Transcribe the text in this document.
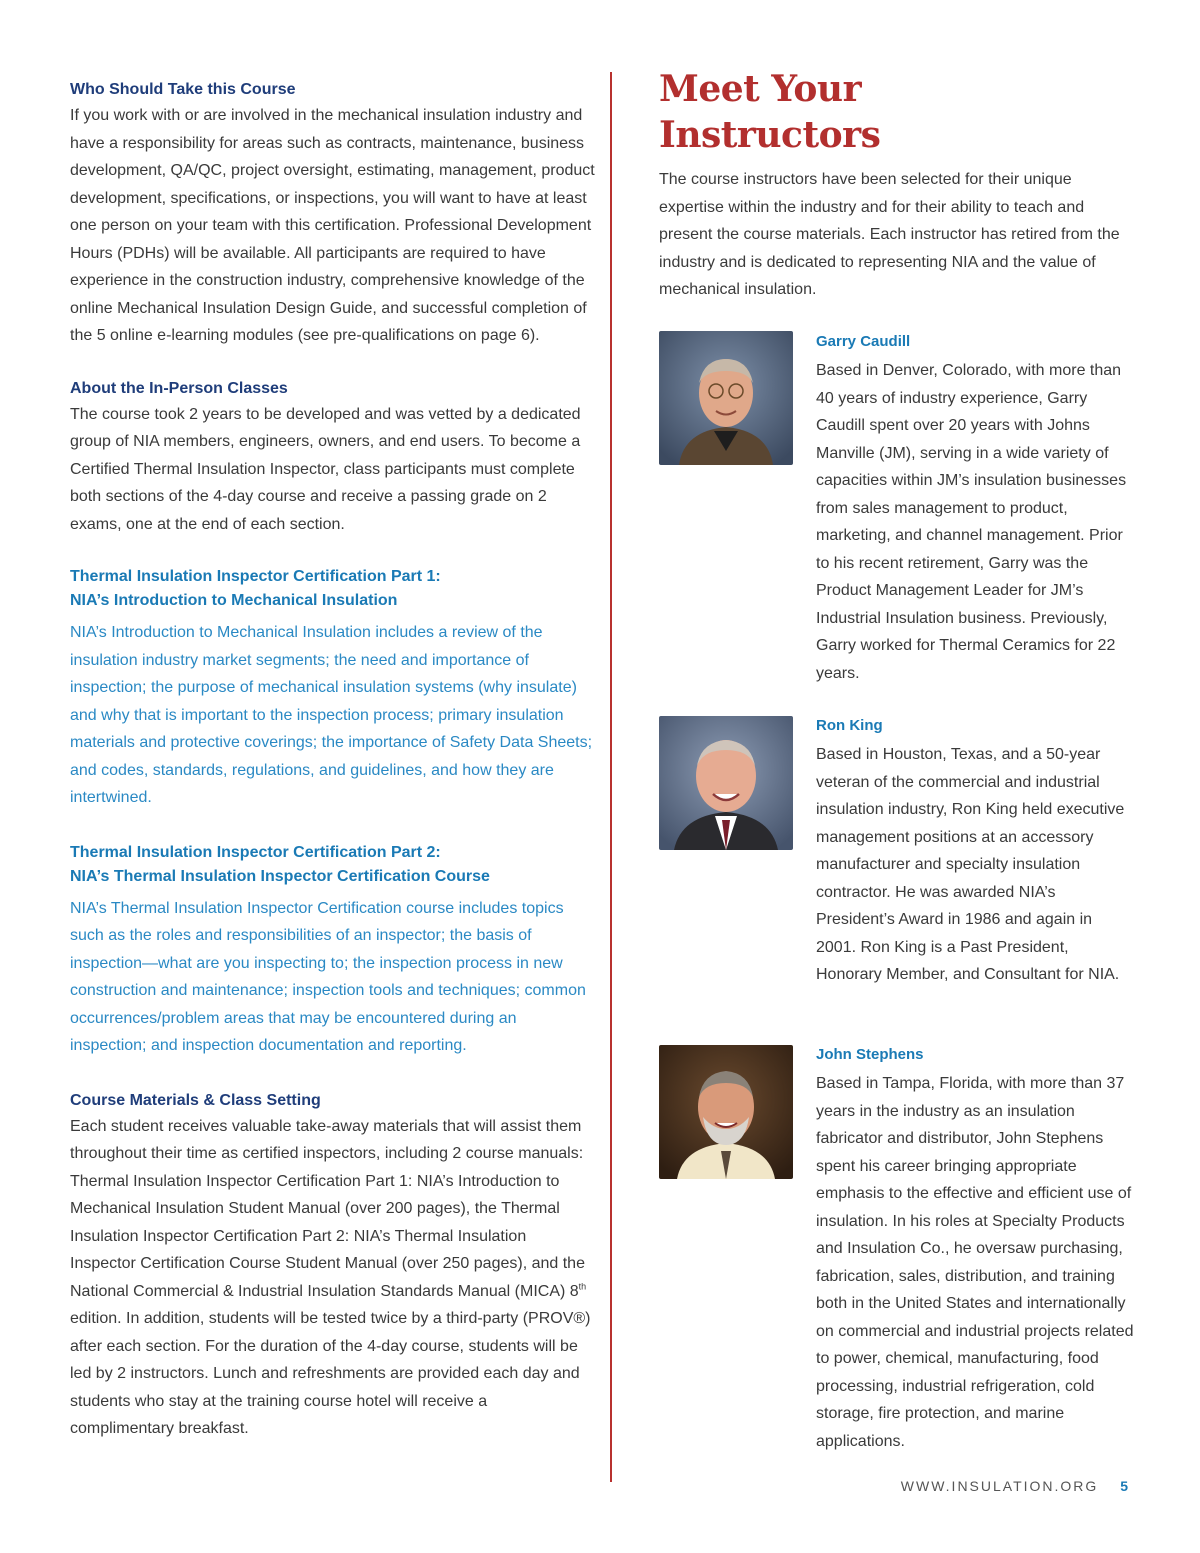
Who Should Take this Course

If you work with or are involved in the mechanical insulation industry and have a responsibility for areas such as contracts, maintenance, business development, QA/QC, project oversight, estimating, management, product development, specifications, or inspections, you will want to have at least one person on your team with this certification. Professional Development Hours (PDHs) will be available. All participants are required to have experience in the construction industry, comprehensive knowledge of the online Mechanical Insulation Design Guide, and successful completion of the 5 online e-learning modules (see pre-qualifications on page 6).

About the In-Person Classes

The course took 2 years to be developed and was vetted by a dedicated group of NIA members, engineers, owners, and end users. To become a Certified Thermal Insulation Inspector, class participants must complete both sections of the 4-day course and receive a passing grade on 2 exams, one at the end of each section.

Thermal Insulation Inspector Certification Part 1:
NIA’s Introduction to Mechanical Insulation

NIA’s Introduction to Mechanical Insulation includes a review of the insulation industry market segments; the need and importance of inspection; the purpose of mechanical insulation systems (why insulate) and why that is important to the inspection process; primary insulation materials and protective coverings; the importance of Safety Data Sheets; and codes, standards, regulations, and guidelines, and how they are intertwined.

Thermal Insulation Inspector Certification Part 2:
NIA’s Thermal Insulation Inspector Certification Course

NIA’s Thermal Insulation Inspector Certification course includes topics such as the roles and responsibilities of an inspector; the basis of inspection—what are you inspecting to; the inspection process in new construction and maintenance; inspection tools and techniques; common occurrences/problem areas that may be encountered during an inspection; and inspection documentation and reporting.

Course Materials & Class Setting

Each student receives valuable take-away materials that will assist them throughout their time as certified inspectors, including 2 course manuals: Thermal Insulation Inspector Certification Part 1: NIA’s Introduction to Mechanical Insulation Student Manual (over 200 pages), the Thermal Insulation Inspector Certification Part 2: NIA’s Thermal Insulation Inspector Certification Course Student Manual (over 250 pages), and the National Commercial & Industrial Insulation Standards Manual (MICA) 8th edition. In addition, students will be tested twice by a third-party (PROV®) after each section. For the duration of the 4-day course, students will be led by 2 instructors. Lunch and refreshments are provided each day and students who stay at the training course hotel will receive a complimentary breakfast.

Meet Your
Instructors

The course instructors have been selected for their unique expertise within the industry and for their ability to teach and present the course materials. Each instructor has retired from the industry and is dedicated to representing NIA and the value of mechanical insulation.

Garry Caudill

Based in Denver, Colorado, with more than 40 years of industry experience, Garry Caudill spent over 20 years with Johns Manville (JM), serving in a wide variety of capacities within JM’s insulation businesses from sales management to product, marketing, and channel management. Prior to his recent retirement, Garry was the Product Management Leader for JM’s Industrial Insulation business. Previously, Garry worked for Thermal Ceramics for 22 years.

Ron King

Based in Houston, Texas, and a 50-year veteran of the commercial and industrial insulation industry, Ron King held executive management positions at an accessory manufacturer and specialty insulation contractor. He was awarded NIA’s President’s Award in 1986 and again in 2001. Ron King is a Past President, Honorary Member, and Consultant for NIA.

John Stephens

Based in Tampa, Florida, with more than 37 years in the industry as an insulation fabricator and distributor, John Stephens spent his career bringing appropriate emphasis to the effective and efficient use of insulation. In his roles at Specialty Products and Insulation Co., he oversaw purchasing, fabrication, sales, distribution, and training both in the United States and internationally on commercial and industrial projects related to power, chemical, manufacturing, food processing, industrial refrigeration, cold storage, fire protection, and marine applications.

WWW.INSULATION.ORG 5
